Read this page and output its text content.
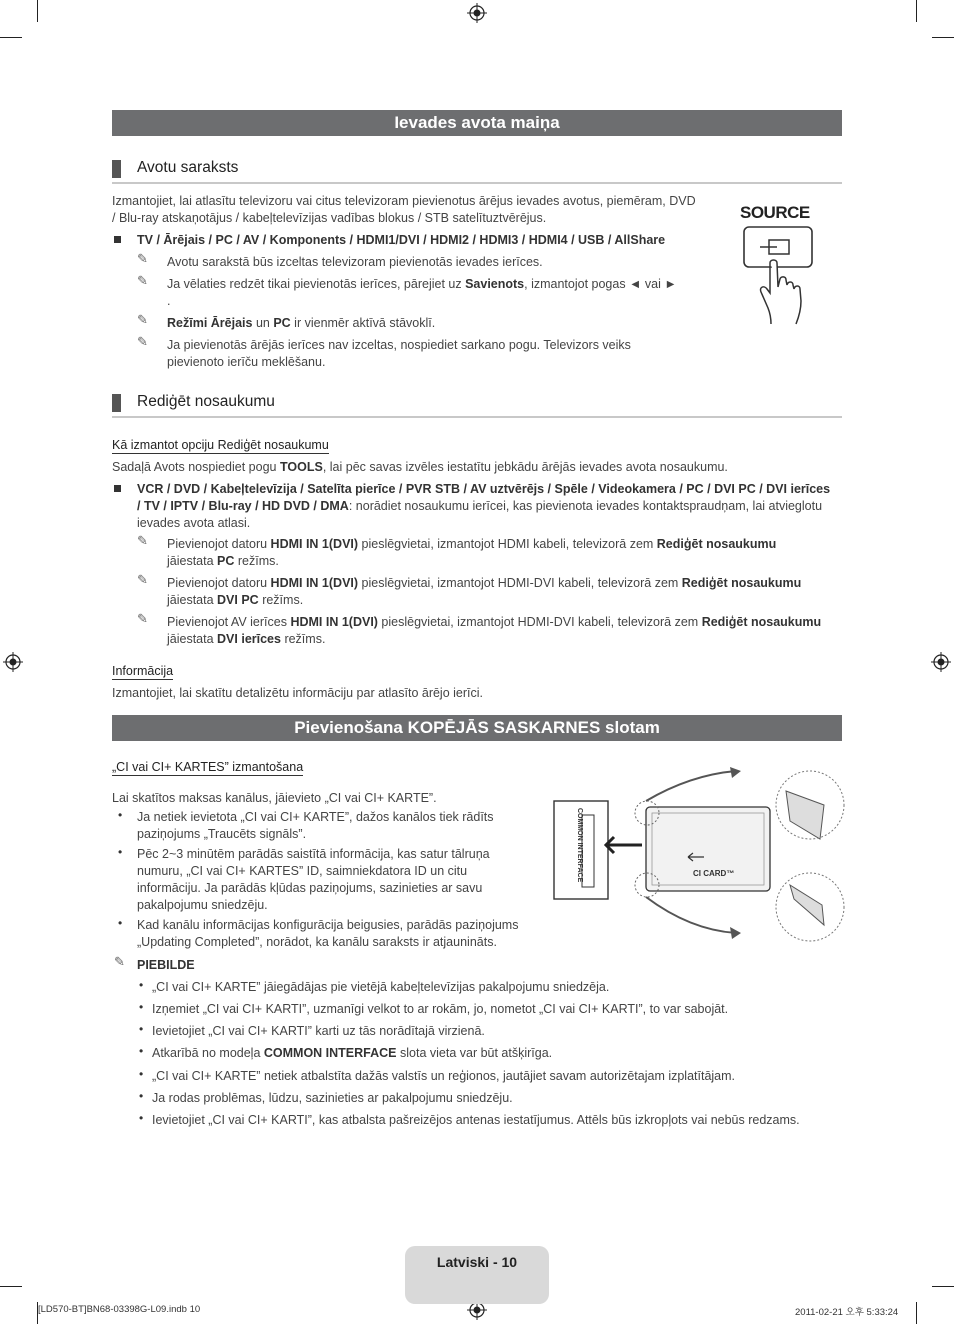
Ievades avota maiņa
Avotu saraksts
Izmantojiet, lai atlasītu televizoru vai citus televizoram pievienotus ārējus ievades avotus, piemēram, DVD / Blu-ray atskaņotājus / kabeļtelevīzijas vadības blokus / STB satelītuztvērējus.
TV / Ārējais / PC / AV / Komponents / HDMI1/DVI / HDMI2 / HDMI3 / HDMI4 / USB / AllShare
✎ Avotu sarakstā būs izceltas televizoram pievienotās ievades ierīces.
✎ Ja vēlaties redzēt tikai pievienotās ierīces, pārejiet uz Savienots, izmantojot pogas ◄ vai ►
.
✎ Režīmi Ārējais un PC ir vienmēr aktīvā stāvoklī.
✎ Ja pievienotās ārējās ierīces nav izceltas, nospiediet sarkano pogu. Televizors veiks pievienoto ierīču meklēšanu.
SOURCE
Rediģēt nosaukumu
Kā izmantot opciju Rediģēt nosaukumu
Sadaļā Avots nospiediet pogu TOOLS, lai pēc savas izvēles iestatītu jebkādu ārējās ievades avota nosaukumu.
VCR / DVD / Kabeļtelevīzija / Satelīta pierīce / PVR STB / AV uztvērējs / Spēle / Videokamera / PC / DVI PC / DVI ierīces / TV / IPTV / Blu-ray / HD DVD / DMA: norādiet nosaukumu ierīcei, kas pievienota ievades kontaktspraudņam, lai atvieglotu ievades avota atlasi.
✎ Pievienojot datoru HDMI IN 1(DVI) pieslēgvietai, izmantojot HDMI kabeli, televizorā zem Rediģēt nosaukumu
jāiestata PC režīms.
✎ Pievienojot datoru HDMI IN 1(DVI) pieslēgvietai, izmantojot HDMI-DVI kabeli, televizorā zem Rediģēt nosaukumu
jāiestata DVI PC režīms.
✎ Pievienojot AV ierīces HDMI IN 1(DVI) pieslēgvietai, izmantojot HDMI-DVI kabeli, televizorā zem Rediģēt nosaukumu
jāiestata DVI ierīces režīms.
Informācija
Izmantojiet, lai skatītu detalizētu informāciju par atlasīto ārējo ierīci.
Pievienošana KOPĒJĀS SASKARNES slotam
„CI vai CI+ KARTES” izmantošana
Lai skatītos maksas kanālus, jāievieto „CI vai CI+ KARTE”.
• Ja netiek ievietota „CI vai CI+ KARTE”, dažos kanālos tiek rādīts paziņojums „Traucēts signāls”.
• Pēc 2~3 minūtēm parādās saistītā informācija, kas satur tālruņa numuru, „CI vai CI+ KARTES” ID, saimniekdatora ID un citu informāciju. Ja parādās kļūdas paziņojums, sazinieties ar savu pakalpojumu sniedzēju.
• Kad kanālu informācijas konfigurācija beigusies, parādās paziņojums „Updating Completed”, norādot, ka kanālu saraksts ir atjaunināts.
COMMON INTERFACE	CI CARD™
✎ PIEBILDE
• „CI vai CI+ KARTE” jāiegādājas pie vietējā kabeļtelevīzijas pakalpojumu sniedzēja.
• Izņemiet „CI vai CI+ KARTI”, uzmanīgi velkot to ar rokām, jo, nometot „CI vai CI+ KARTI”, to var sabojāt.
• Ievietojiet „CI vai CI+ KARTI” karti uz tās norādītajā virzienā.
• Atkarībā no modeļa COMMON INTERFACE slota vieta var būt atšķirīga.
• „CI vai CI+ KARTE” netiek atbalstīta dažās valstīs un reģionos, jautājiet savam autorizētajam izplatītājam.
• Ja rodas problēmas, lūdzu, sazinieties ar pakalpojumu sniedzēju.
• Ievietojiet „CI vai CI+ KARTI”, kas atbalsta pašreizējos antenas iestatījumus. Attēls būs izkropļots vai nebūs redzams.
Latviski - 10
[LD570-BT]BN68-03398G-L09.indb 10	2011-02-21 오후 5:33:24
